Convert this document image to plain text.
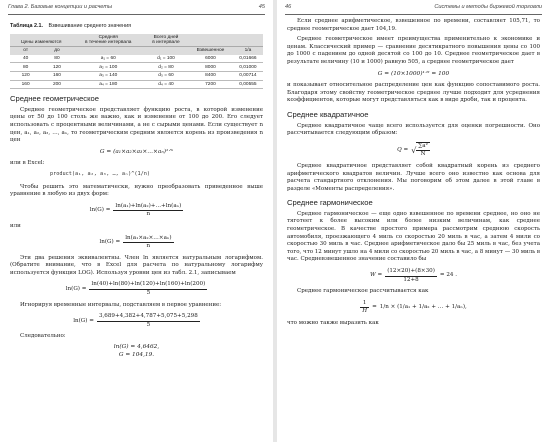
Глава 2. Базовые концепции и расчеты	45
Таблица 2.1. Взвешивание среднего значения
Цены изменяются		Средняя
в течение интервала	Всего дней
в интервале		
от	до			Взвешенное	1/a
40	80	a₁ = 60	d₁ = 100	6000	0,01666
80	120	a₂ = 100	d₂ = 80	8000	0,01000
120	160	a₃ = 140	d₃ = 60	8400	0,00714
160	200	a₄ = 180	d₄ = 40	7200	0,00555
Среднее геометрическое

Среднее геометрическое представляет функцию роста, в которой изменение цены от 50 до 100 столь же важно, как и изменение от 100 до 200. Его следует использовать с процентными величинами, а не с сырыми ценами. Если существует n цен, a₁, a₂, a₃, …, aₙ, то геометрическим средним является корень из произведения n цен

G = (a₁×a₂×a₃×…×aₙ)¹ᐟⁿ

или в Excel:

product(a₁, a₂, a₃, …, aₙ)^(1/n)

Чтобы решить это математически, нужно преобразовать приведенное выше уравнение в любую из двух форм:

$\ln(G) = \frac{\text{ln(a₁)+ln(a₂)+…+ln(aₙ)}}{n}$

или

$\ln(G) = \frac{\text{ln(a₁×a₂×…×aₙ)}}{n}$

Эти два решения эквивалентны. Член ln является натуральным логарифмом. (Обратите внимание, что в Excel для расчета по натуральному логарифму используется функция LOG). Используя уровни цен из табл. 2.1, записываем

$\ln(G) = \frac{\ln(40)+\ln(80)+\ln(120)+\ln(160)+\ln(200)}{5}$

Игнорируя временные интервалы, подставляем в первое уравнение:

$\ln(G) = \frac{3,689+4,382+4,787+5,075+5,298}{5}$

Следовательно:

ln(G) = 4,6462,
G = 104,19.
46	Системы и методы биржевой торговли

Если среднее арифметическое, взвешенное по времени, составляет 105,71, то среднее геометрическое дает 104,19.

Среднее геометрическое имеет преимущества применительно к экономике и ценам. Классический пример — сравнение десятикратного повышения цены со 100 до 1000 с падением до одной десятой со 100 до 10. Среднее геометрическое дает в результате величину (10 и 1000) равную 505, а среднее геометрическое дает

G = (10×1000)¹ᐟ² = 100

и показывает относительное распределение цен как функцию сопоставимого роста. Благодаря этому свойству геометрическое среднее лучше подходит для усреднения коэффициентов, которые могут представляться как в виде дроби, так и процента.

Среднее квадратичное

Среднее квадратичное чаще всего используется для оценки погрешности. Оно рассчитывается следующим образом:

Q = √ $\frac{\text{∑a²}}{N}$

Среднее квадратичное представляет собой квадратный корень из среднего арифметического квадратов величин. Лучше всего оно известно как основа для расчета стандартного отклонения. Мы поговорим об этом далее в этой главе в разделе «Моменты распределения».

Среднее гармоническое

Среднее гармоническое — еще одно взвешенное по времени среднее, но оно не тяготеет к более высоким или более низким величинам, как среднее геометрическое. В качестве простого примера рассмотрим среднюю скорость автомобиля, проезжающего 4 миль со скоростью 20 миль в час, а затем 4 мили со скоростью 30 миль в час. Среднее арифметическое дало бы 25 миль в час, без учета того, что 12 минут ушло на 4 мили со скоростью 20 миль в час, а 8 минут — 30 миль в час. Средневзвешенное значение составило бы

$W = \frac{(12\times 20)+(8\times 30)}{12+8} = 24$ .

Среднее гармоническое рассчитывается как

$\frac{1}{H} = 1/n \times (1/a_1 + 1/a_2$ + … + 1/aₙ),

что можно также выразить как
